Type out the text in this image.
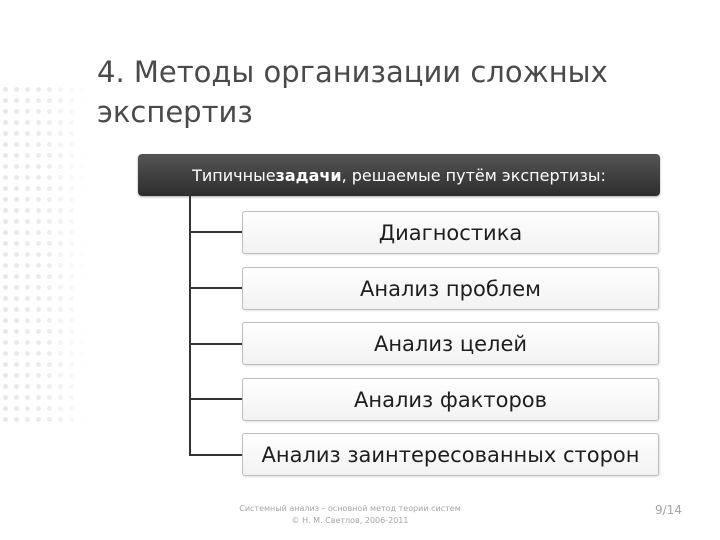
4. Методы организации сложных экспертиз
Типичные задачи , решаемые путём экспертизы:
Диагностика
Анализ проблем
Анализ целей
Анализ факторов
Анализ заинтересованных сторон
Системный анализ – основной метод теории систем
© Н. М. Светлов, 2006-2011
9/14
